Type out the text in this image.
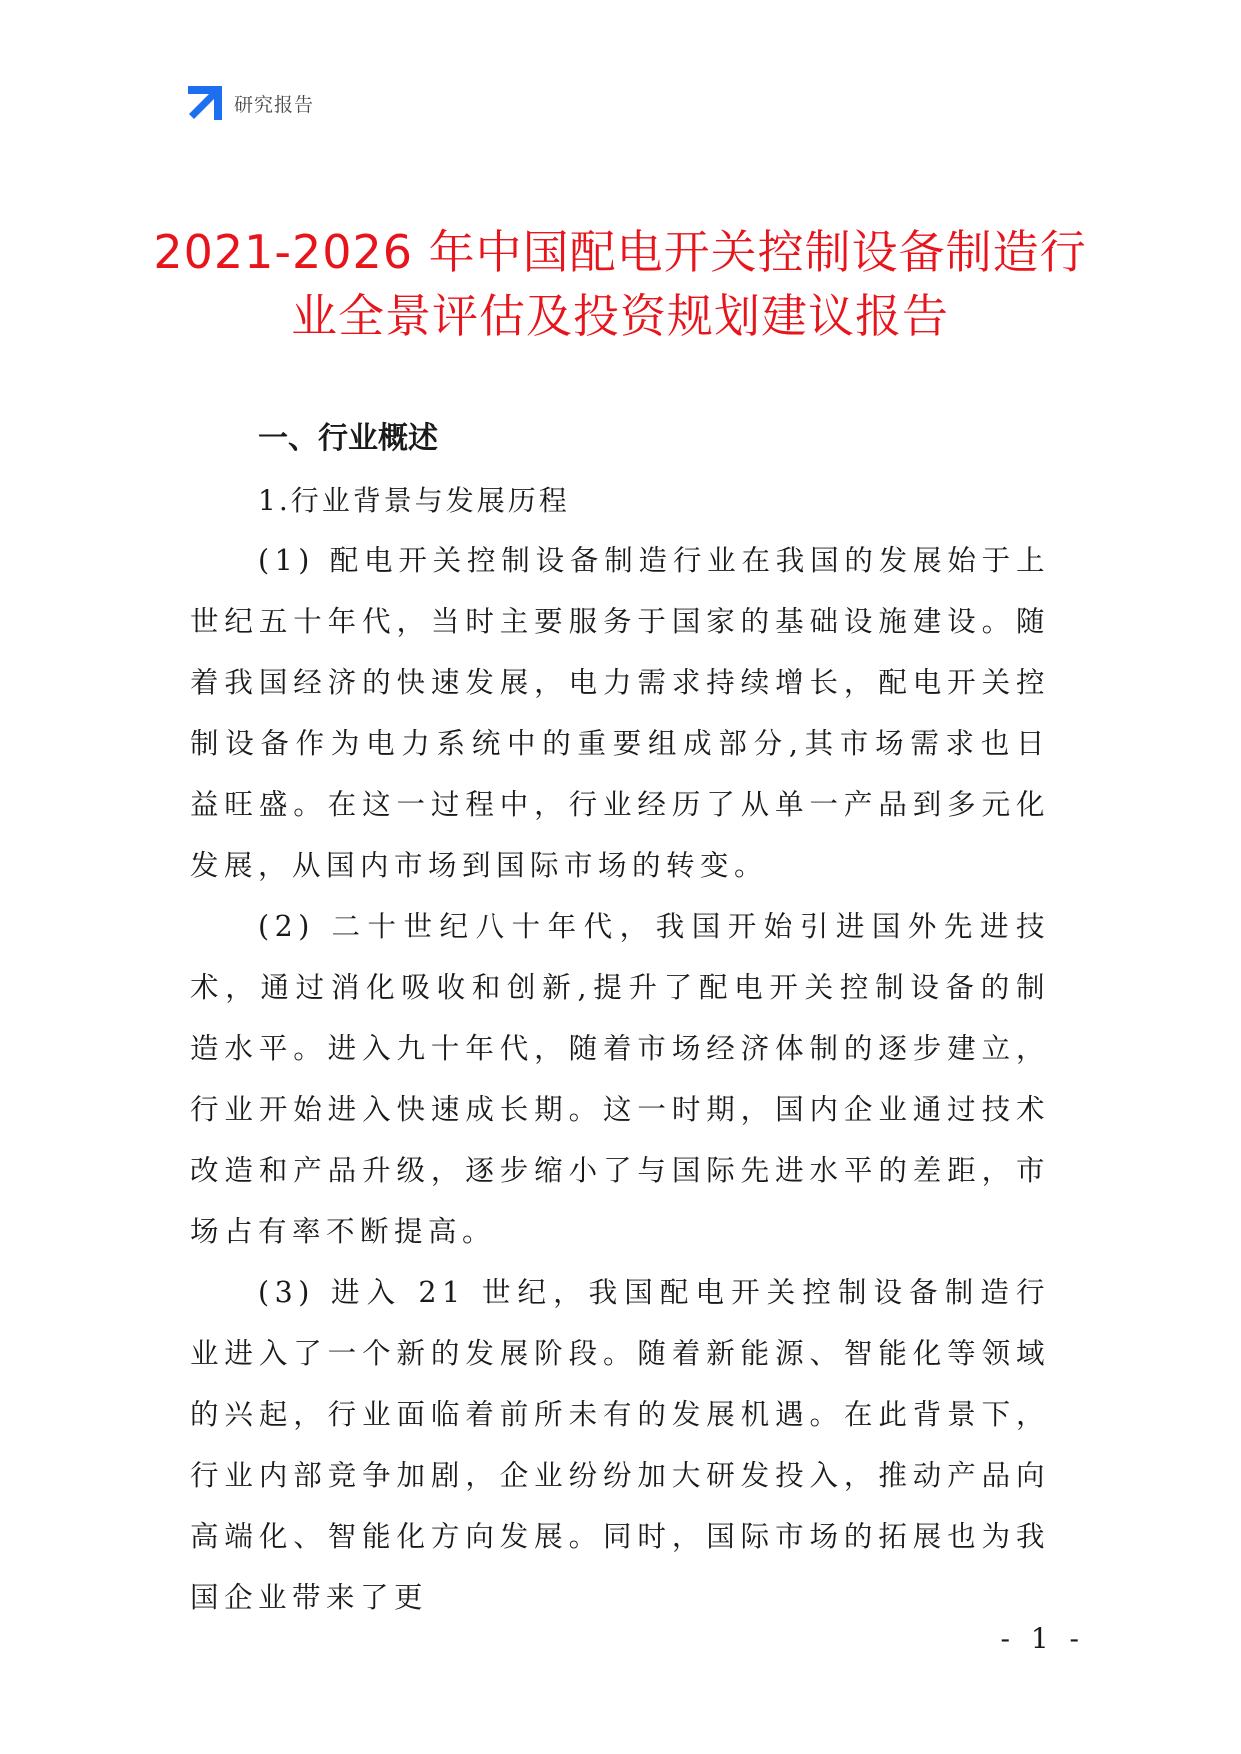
研究报告
2021-2026 年中国配电开关控制设备制造行
业全景评估及投资规划建议报告
一、行业概述
1.行业背景与发展历程

(1) 配电开关控制设备制造行业在我国的发展始于上世纪五十年代，当时主要服务于国家的基础设施建设。随着我国经济的快速发展，电力需求持续增长，配电开关控制设备作为电力系统中的重要组成部分,其市场需求也日益旺盛。在这一过程中，行业经历了从单一产品到多元化发展，从国内市场到国际市场的转变。

(2) 二十世纪八十年代，我国开始引进国外先进技术，通过消化吸收和创新,提升了配电开关控制设备的制造水平。进入九十年代，随着市场经济体制的逐步建立，行业开始进入快速成长期。这一时期，国内企业通过技术改造和产品升级，逐步缩小了与国际先进水平的差距，市场占有率不断提高。

(3) 进入 21 世纪，我国配电开关控制设备制造行业进入了一个新的发展阶段。随着新能源、智能化等领域的兴起，行业面临着前所未有的发展机遇。在此背景下，行业内部竞争加剧，企业纷纷加大研发投入，推动产品向高端化、智能化方向发展。同时，国际市场的拓展也为我国企业带来了更

- 1 -
